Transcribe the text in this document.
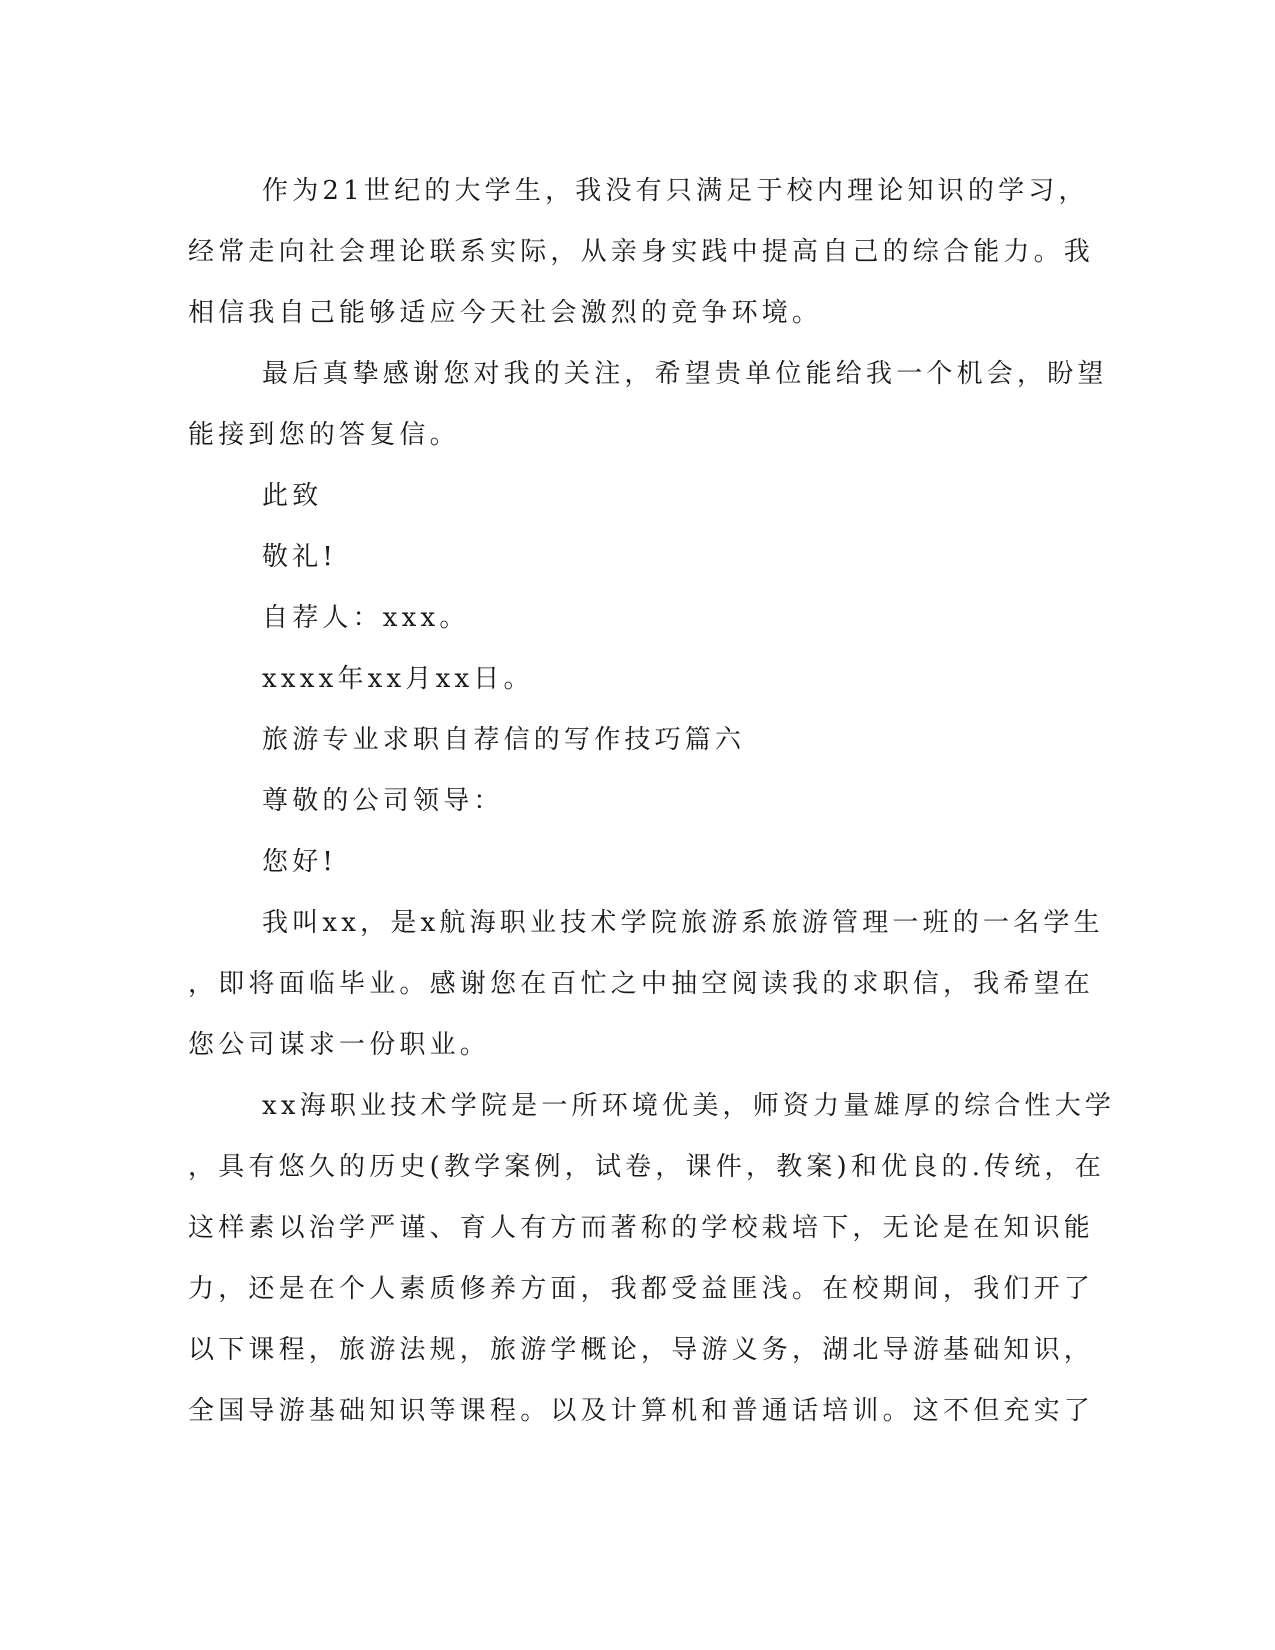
作为21世纪的大学生，我没有只满足于校内理论知识的学习，
经常走向社会理论联系实际，从亲身实践中提高自己的综合能力。我
相信我自己能够适应今天社会激烈的竞争环境。
最后真挚感谢您对我的关注，希望贵单位能给我一个机会，盼望
能接到您的答复信。
此致
敬礼!
自荐人：xxx。
xxxx年xx月xx日。
旅游专业求职自荐信的写作技巧篇六
尊敬的公司领导：
您好!
我叫xx，是x航海职业技术学院旅游系旅游管理一班的一名学生
，即将面临毕业。感谢您在百忙之中抽空阅读我的求职信，我希望在
您公司谋求一份职业。
xx海职业技术学院是一所环境优美，师资力量雄厚的综合性大学
，具有悠久的历史(教学案例，试卷，课件，教案)和优良的.传统，在
这样素以治学严谨、育人有方而著称的学校栽培下，无论是在知识能
力，还是在个人素质修养方面，我都受益匪浅。在校期间，我们开了
以下课程，旅游法规，旅游学概论，导游义务，湖北导游基础知识，
全国导游基础知识等课程。以及计算机和普通话培训。这不但充实了
